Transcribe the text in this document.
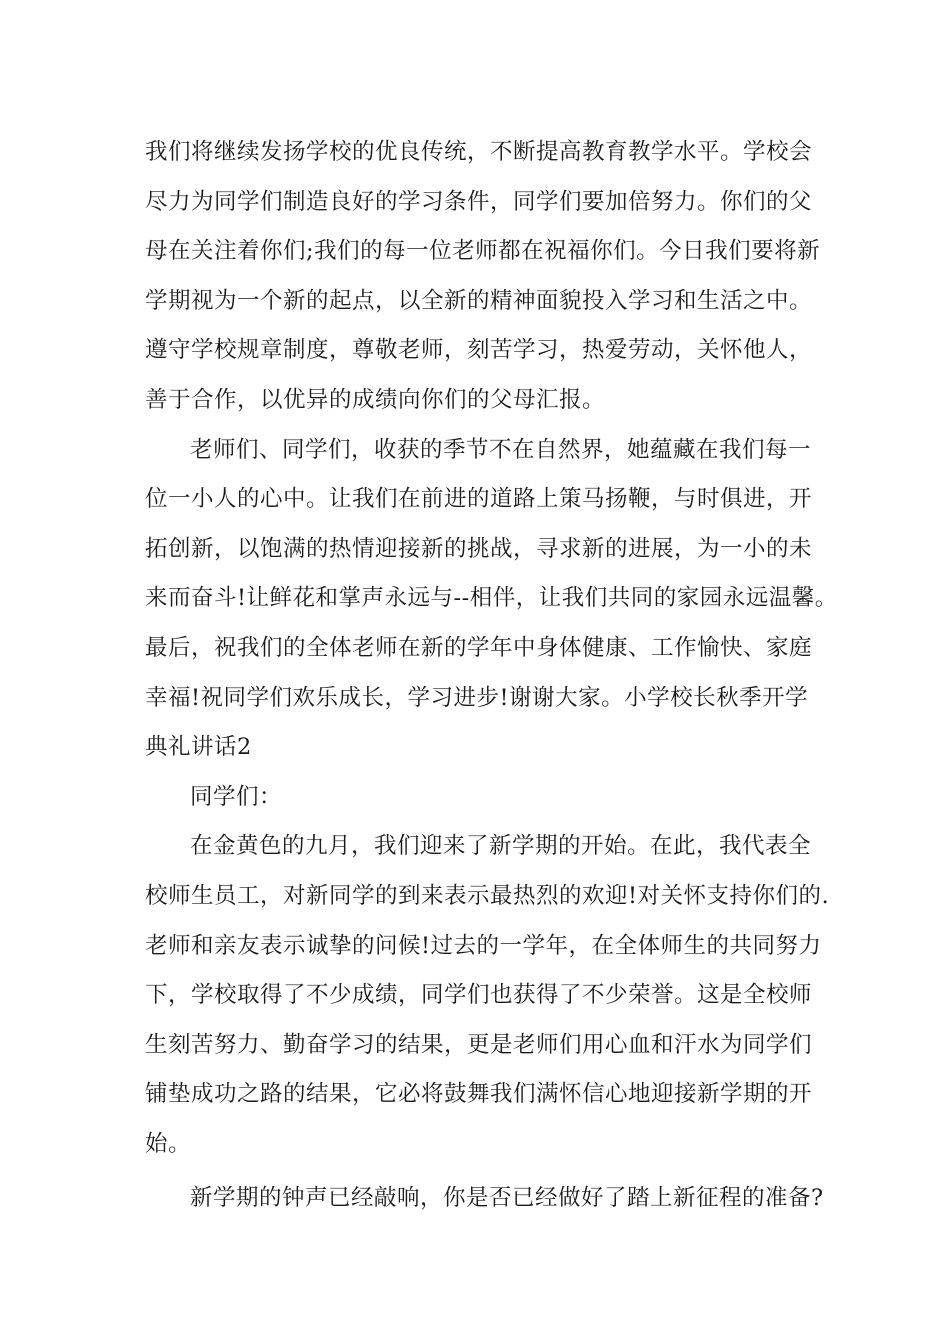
我们将继续发扬学校的优良传统，不断提高教育教学水平。学校会
尽力为同学们制造良好的学习条件，同学们要加倍努力。你们的父
母在关注着你们;我们的每一位老师都在祝福你们。今日我们要将新
学期视为一个新的起点，以全新的精神面貌投入学习和生活之中。
遵守学校规章制度，尊敬老师，刻苦学习，热爱劳动，关怀他人，
善于合作，以优异的成绩向你们的父母汇报。
老师们、同学们，收获的季节不在自然界，她蕴藏在我们每一
位一小人的心中。让我们在前进的道路上策马扬鞭，与时俱进，开
拓创新，以饱满的热情迎接新的挑战，寻求新的进展，为一小的未
来而奋斗!让鲜花和掌声永远与--相伴，让我们共同的家园永远温馨。
最后，祝我们的全体老师在新的学年中身体健康、工作愉快、家庭
幸福!祝同学们欢乐成长，学习进步!谢谢大家。小学校长秋季开学
典礼讲话2
同学们：
在金黄色的九月，我们迎来了新学期的开始。在此，我代表全
校师生员工，对新同学的到来表示最热烈的欢迎!对关怀支持你们的.
老师和亲友表示诚挚的问候!过去的一学年，在全体师生的共同努力
下，学校取得了不少成绩，同学们也获得了不少荣誉。这是全校师
生刻苦努力、勤奋学习的结果，更是老师们用心血和汗水为同学们
铺垫成功之路的结果，它必将鼓舞我们满怀信心地迎接新学期的开
始。
新学期的钟声已经敲响，你是否已经做好了踏上新征程的准备?
